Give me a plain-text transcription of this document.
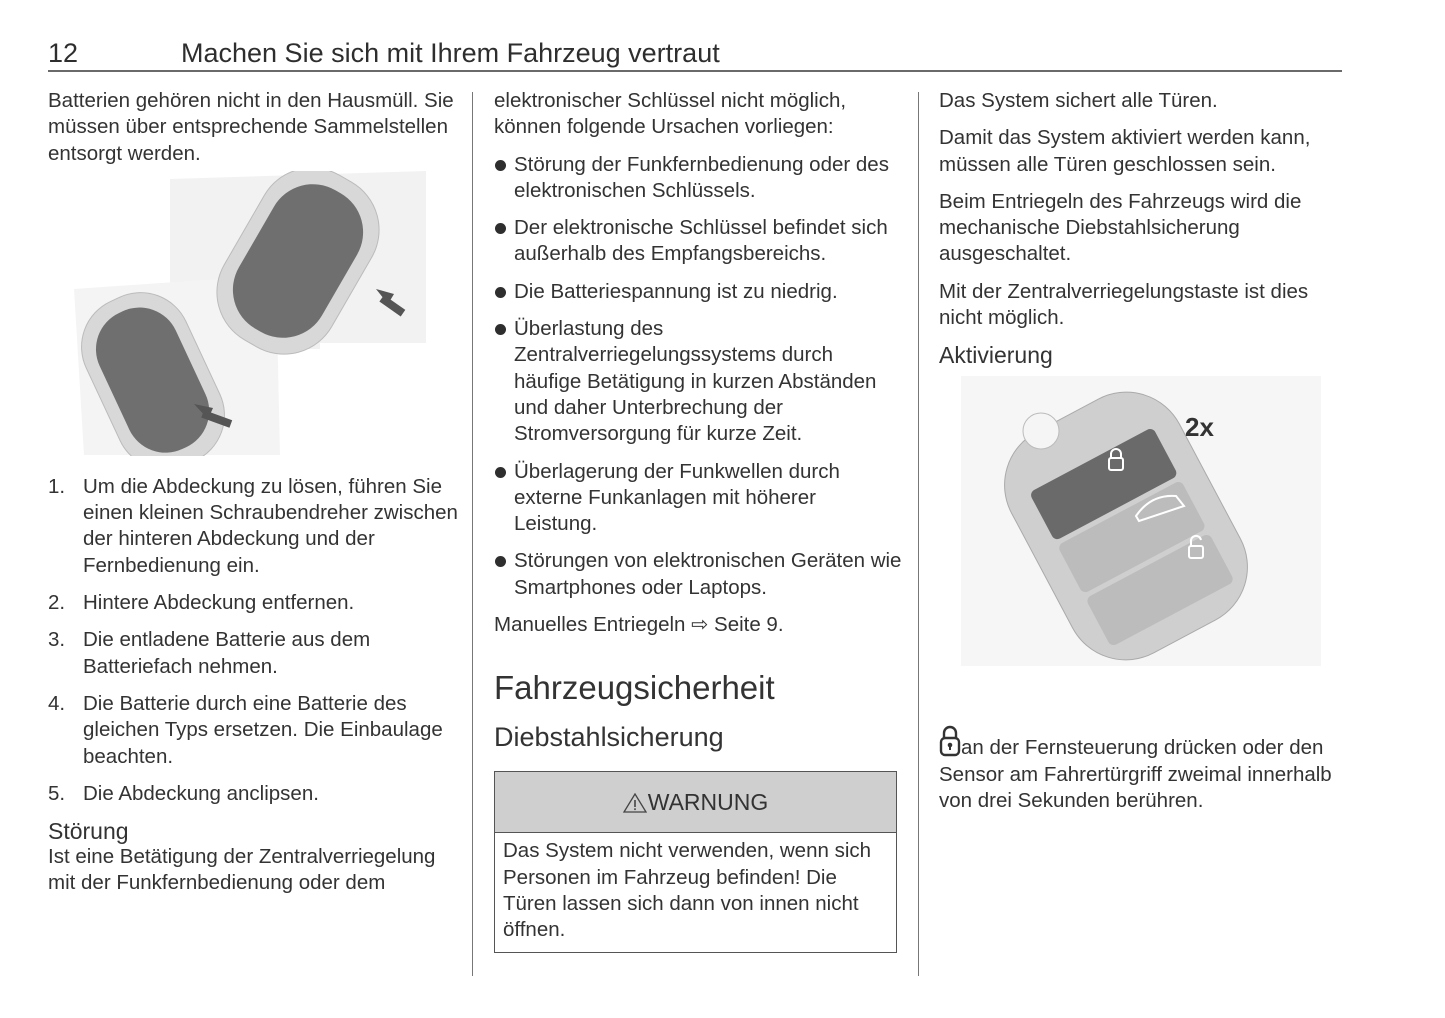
12	Machen Sie sich mit Ihrem Fahrzeug vertraut

Batterien gehören nicht in den Hausmüll. Sie müssen über entsprechende Sammelstellen entsorgt werden.

1. Um die Abdeckung zu lösen, führen Sie einen kleinen Schraubendreher zwischen der hinteren Abdeckung und der Fernbedienung ein.
2. Hintere Abdeckung entfernen.
3. Die entladene Batterie aus dem Batteriefach nehmen.
4. Die Batterie durch eine Batterie des gleichen Typs ersetzen. Die Einbaulage beachten.
5. Die Abdeckung anclipsen.
Störung

Ist eine Betätigung der Zentralverriegelung mit der Funkfernbedienung oder dem

elektronischer Schlüssel nicht möglich, können folgende Ursachen vorliegen:

Störung der Funkfernbedienung oder des elektronischen Schlüssels.
Der elektronische Schlüssel befindet sich außerhalb des Empfangsbereichs.
Die Batteriespannung ist zu niedrig.
Überlastung des Zentralverriegelungssystems durch häufige Betätigung in kurzen Abständen und daher Unterbrechung der Stromversorgung für kurze Zeit.
Überlagerung der Funkwellen durch externe Funkanlagen mit höherer Leistung.
Störungen von elektronischen Geräten wie Smartphones oder Laptops.

Manuelles Entriegeln ⇨ Seite 9.

Fahrzeugsicherheit
Diebstahlsicherung
WARNUNG
Das System nicht verwenden, wenn sich Personen im Fahrzeug befinden! Die Türen lassen sich dann von innen nicht öffnen.

Das System sichert alle Türen.

Damit das System aktiviert werden kann, müssen alle Türen geschlossen sein.

Beim Entriegeln des Fahrzeugs wird die mechanische Diebstahlsicherung ausgeschaltet.

Mit der Zentralverriegelungstaste ist dies nicht möglich.

Aktivierung
2x

an der Fernsteuerung drücken oder den Sensor am Fahrertürgriff zweimal innerhalb von drei Sekunden berühren.
